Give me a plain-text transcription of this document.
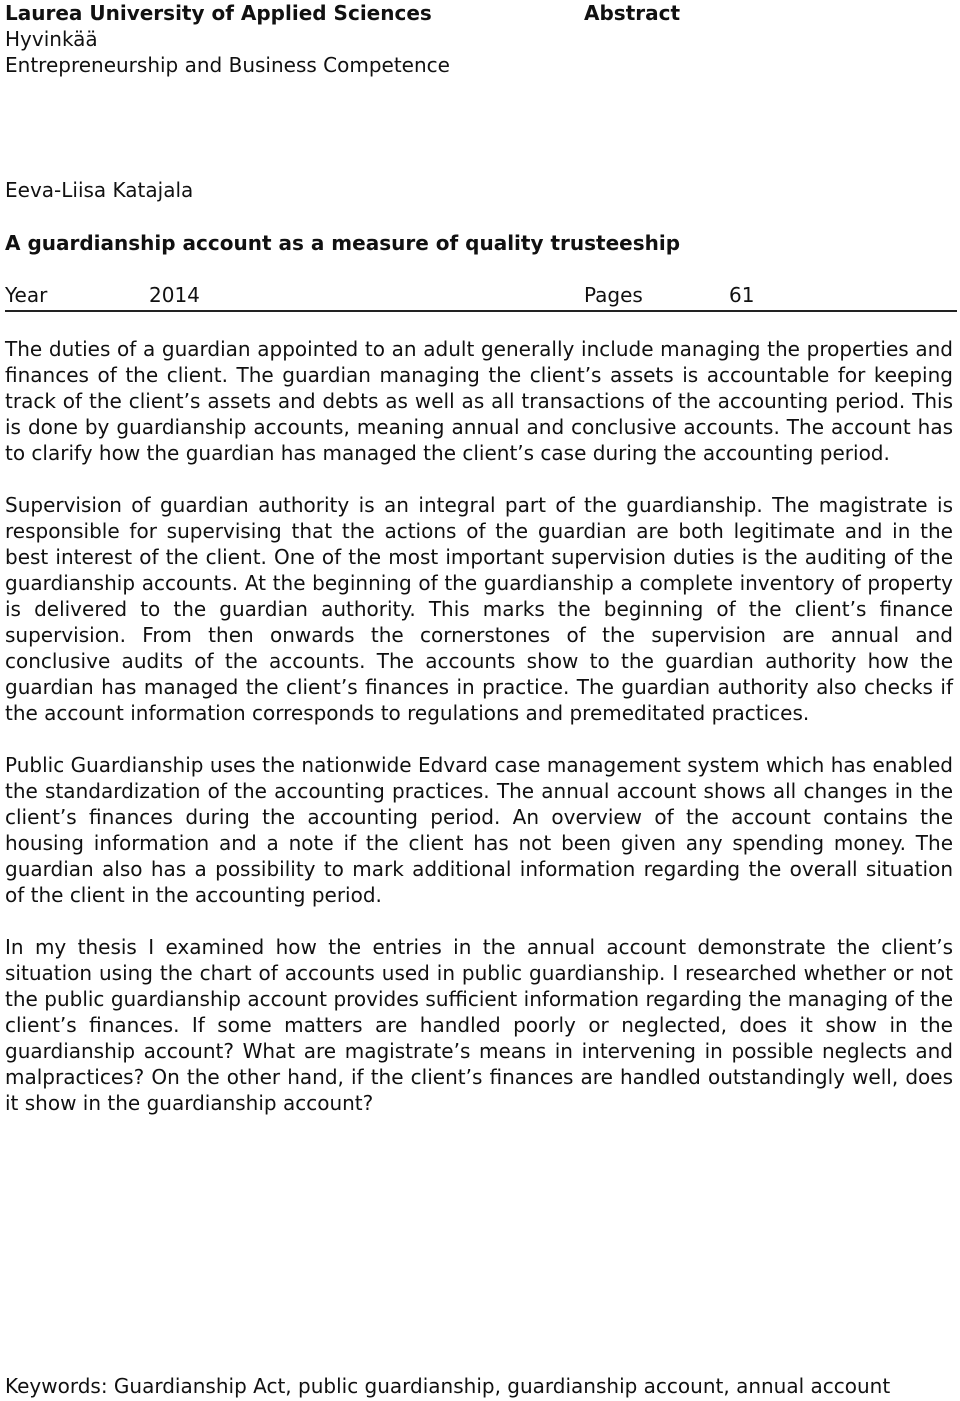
Laurea University of Applied Sciences
Hyvinkää
Entrepreneurship and Business Competence
Abstract
Eeva-Liisa Katajala
A guardianship account as a measure of quality trusteeship
Year	2014	Pages	61

The duties of a guardian appointed to an adult generally include managing the properties and finances of the client. The guardian managing the client’s assets is accountable for keeping track of the client’s assets and debts as well as all transactions of the accounting period. This is done by guardianship accounts, meaning annual and conclusive accounts. The account has to clarify how the guardian has managed the client’s case during the accounting period.

Supervision of guardian authority is an integral part of the guardianship. The magistrate is responsible for supervising that the actions of the guardian are both legitimate and in the best interest of the client. One of the most important supervision duties is the auditing of the guardianship accounts. At the beginning of the guardianship a complete inventory of property is delivered to the guardian authority. This marks the beginning of the client’s finance supervision. From then onwards the cornerstones of the supervision are annual and conclusive audits of the accounts. The accounts show to the guardian authority how the guardian has managed the client’s finances in practice. The guardian authority also checks if the account information corresponds to regulations and premeditated practices.

Public Guardianship uses the nationwide Edvard case management system which has enabled the standardization of the accounting practices. The annual account shows all changes in the client’s finances during the accounting period. An overview of the account contains the housing information and a note if the client has not been given any spending money. The guardian also has a possibility to mark additional information regarding the overall situation of the client in the accounting period.

In my thesis I examined how the entries in the annual account demonstrate the client’s situation using the chart of accounts used in public guardianship. I researched whether or not the public guardianship account provides sufficient information regarding the managing of the client’s finances. If some matters are handled poorly or neglected, does it show in the guardianship account? What are magistrate’s means in intervening in possible neglects and malpractices? On the other hand, if the client’s finances are handled outstandingly well, does it show in the guardianship account?

Keywords: Guardianship Act, public guardianship, guardianship account, annual account
